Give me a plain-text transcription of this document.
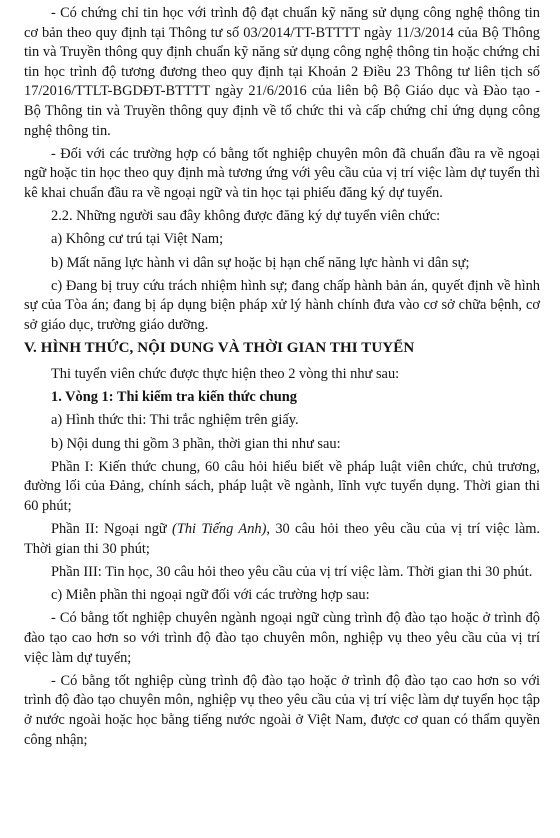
- Có chứng chỉ tin học với trình độ đạt chuẩn kỹ năng sử dụng công nghệ thông tin cơ bản theo quy định tại Thông tư số 03/2014/TT-BTTTT ngày 11/3/2014 của Bộ Thông tin và Truyền thông quy định chuẩn kỹ năng sử dụng công nghệ thông tin hoặc chứng chỉ tin học trình độ tương đương theo quy định tại Khoản 2 Điều 23 Thông tư liên tịch số 17/2016/TTLT-BGDĐT-BTTTT ngày 21/6/2016 của liên bộ Bộ Giáo dục và Đào tạo - Bộ Thông tin và Truyền thông quy định về tổ chức thi và cấp chứng chỉ ứng dụng công nghệ thông tin.

- Đối với các trường hợp có bằng tốt nghiệp chuyên môn đã chuẩn đầu ra về ngoại ngữ hoặc tin học theo quy định mà tương ứng với yêu cầu của vị trí việc làm dự tuyển thì kê khai chuẩn đầu ra về ngoại ngữ và tin học tại phiếu đăng ký dự tuyển.

2.2. Những người sau đây không được đăng ký dự tuyển viên chức:

a) Không cư trú tại Việt Nam;

b) Mất năng lực hành vi dân sự hoặc bị hạn chế năng lực hành vi dân sự;

c) Đang bị truy cứu trách nhiệm hình sự; đang chấp hành bản án, quyết định về hình sự của Tòa án; đang bị áp dụng biện pháp xử lý hành chính đưa vào cơ sở chữa bệnh, cơ sở giáo dục, trường giáo dưỡng.

V. HÌNH THỨC, NỘI DUNG VÀ THỜI GIAN THI TUYỂN

Thi tuyển viên chức được thực hiện theo 2 vòng thi như sau:

1. Vòng 1: Thi kiểm tra kiến thức chung

a) Hình thức thi: Thi trắc nghiệm trên giấy.

b) Nội dung thi gồm 3 phần, thời gian thi như sau:

Phần I: Kiến thức chung, 60 câu hỏi hiểu biết về pháp luật viên chức, chủ trương, đường lối của Đảng, chính sách, pháp luật về ngành, lĩnh vực tuyển dụng. Thời gian thi 60 phút;

Phần II: Ngoại ngữ (Thi Tiếng Anh), 30 câu hỏi theo yêu cầu của vị trí việc làm. Thời gian thi 30 phút;

Phần III: Tin học, 30 câu hỏi theo yêu cầu của vị trí việc làm. Thời gian thi 30 phút.

c) Miễn phần thi ngoại ngữ đối với các trường hợp sau:

- Có bằng tốt nghiệp chuyên ngành ngoại ngữ cùng trình độ đào tạo hoặc ở trình độ đào tạo cao hơn so với trình độ đào tạo chuyên môn, nghiệp vụ theo yêu cầu của vị trí việc làm dự tuyển;

- Có bằng tốt nghiệp cùng trình độ đào tạo hoặc ở trình độ đào tạo cao hơn so với trình độ đào tạo chuyên môn, nghiệp vụ theo yêu cầu của vị trí việc làm dự tuyển học tập ở nước ngoài hoặc học bằng tiếng nước ngoài ở Việt Nam, được cơ quan có thẩm quyền công nhận;
